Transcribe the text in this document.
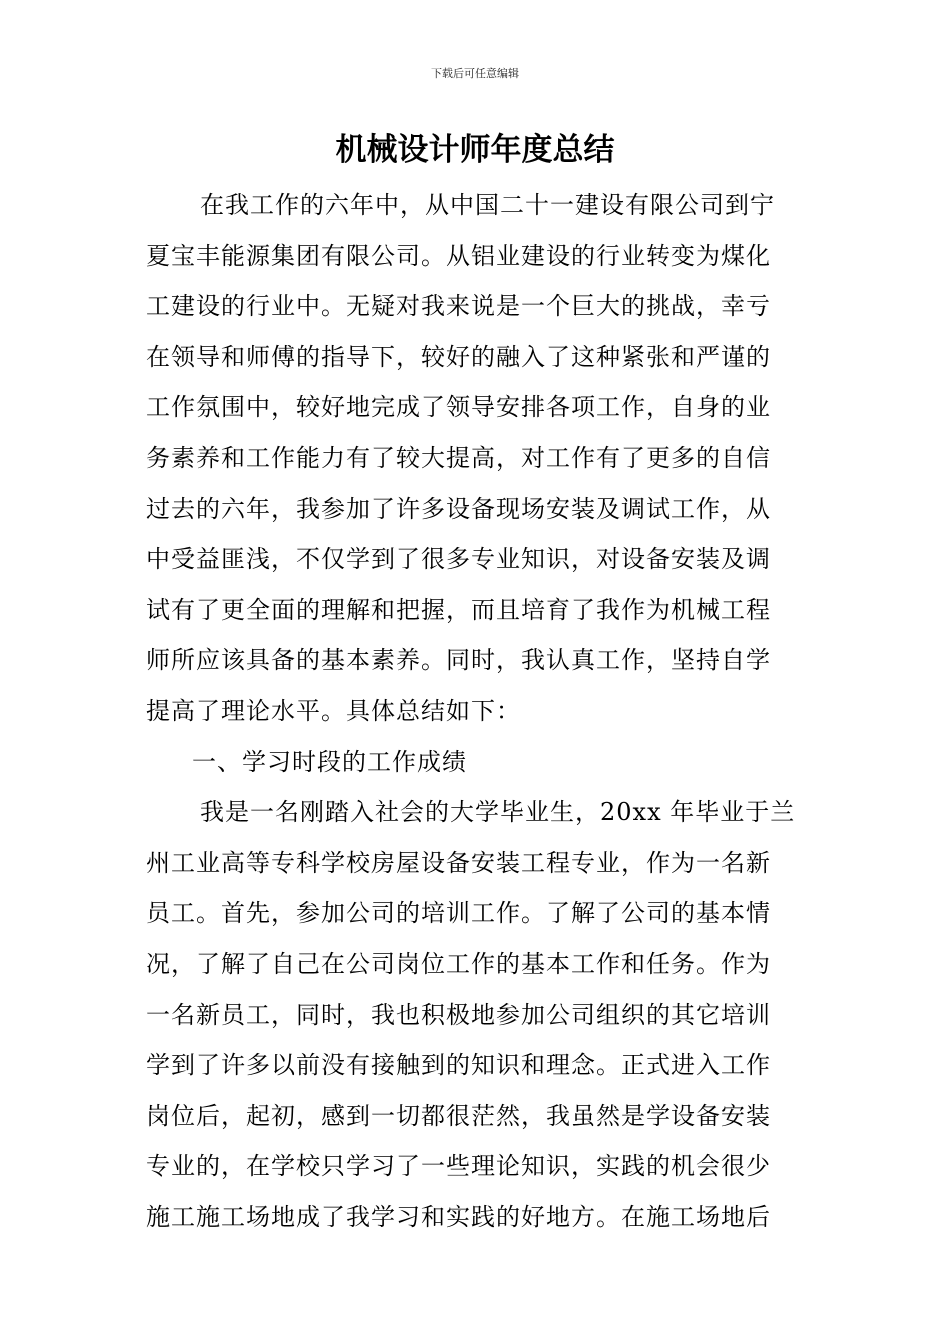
下载后可任意编辑
机械设计师年度总结
在我工作的六年中，从中国二十一建设有限公司到宁
夏宝丰能源集团有限公司。从铝业建设的行业转变为煤化
工建设的行业中。无疑对我来说是一个巨大的挑战，幸亏
在领导和师傅的指导下，较好的融入了这种紧张和严谨的
工作氛围中，较好地完成了领导安排各项工作，自身的业
务素养和工作能力有了较大提高，对工作有了更多的自信
过去的六年，我参加了许多设备现场安装及调试工作，从
中受益匪浅，不仅学到了很多专业知识，对设备安装及调
试有了更全面的理解和把握，而且培育了我作为机械工程
师所应该具备的基本素养。同时，我认真工作，坚持自学
提高了理论水平。具体总结如下：
一、学习时段的工作成绩
我是一名刚踏入社会的大学毕业生，20xx 年毕业于兰
州工业高等专科学校房屋设备安装工程专业，作为一名新
员工。首先，参加公司的培训工作。了解了公司的基本情
况，了解了自己在公司岗位工作的基本工作和任务。作为
一名新员工，同时，我也积极地参加公司组织的其它培训
学到了许多以前没有接触到的知识和理念。正式进入工作
岗位后，起初，感到一切都很茫然，我虽然是学设备安装
专业的，在学校只学习了一些理论知识，实践的机会很少
施工施工场地成了我学习和实践的好地方。在施工场地后
